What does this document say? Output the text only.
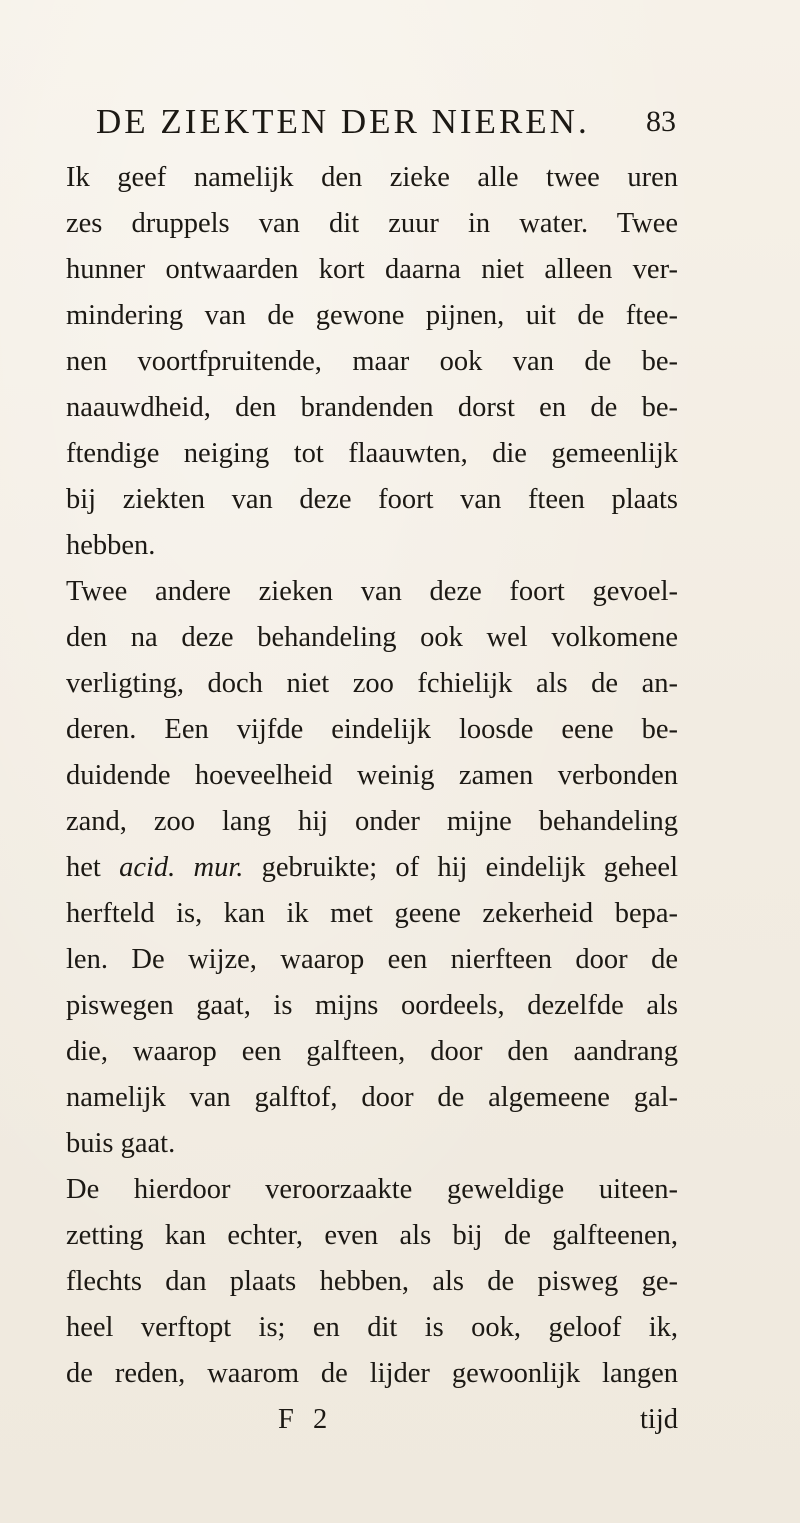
DE ZIEKTEN DER NIEREN. 83
Ik geef namelijk den zieke alle twee uren
zes druppels van dit zuur in water. Twee
hunner ontwaarden kort daarna niet alleen ver-
mindering van de gewone pijnen, uit de ftee-
nen voortfpruitende, maar ook van de be-
naauwdheid, den brandenden dorst en de be-
ftendige neiging tot flaauwten, die gemeenlijk
bij ziekten van deze foort van fteen plaats
hebben.
Twee andere zieken van deze foort gevoel-
den na deze behandeling ook wel volkomene
verligting, doch niet zoo fchielijk als de an-
deren. Een vijfde eindelijk loosde eene be-
duidende hoeveelheid weinig zamen verbonden
zand, zoo lang hij onder mijne behandeling
het acid. mur. gebruikte; of hij eindelijk geheel
herfteld is, kan ik met geene zekerheid bepa-
len. De wijze, waarop een nierfteen door de
piswegen gaat, is mijns oordeels, dezelfde als
die, waarop een galfteen, door den aandrang
namelijk van galftof, door de algemeene gal-
buis gaat.
De hierdoor veroorzaakte geweldige uiteen-
zetting kan echter, even als bij de galfteenen,
flechts dan plaats hebben, als de pisweg ge-
heel verftopt is; en dit is ook, geloof ik,
de reden, waarom de lijder gewoonlijk langen
F 2	tijd
